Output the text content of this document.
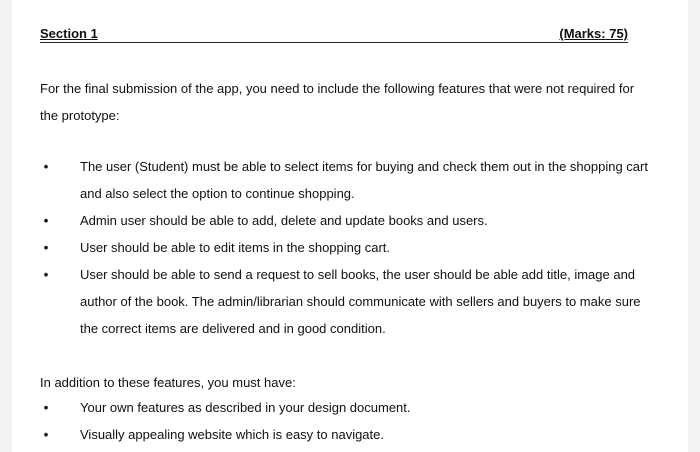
Section 1	(Marks: 75)
For the final submission of the app, you need to include the following features that were not required for the prototype:
• The user (Student) must be able to select items for buying and check them out in the shopping cart and also select the option to continue shopping.
• Admin user should be able to add, delete and update books and users.
• User should be able to edit items in the shopping cart.
• User should be able to send a request to sell books, the user should be able add title, image and author of the book. The admin/librarian should communicate with sellers and buyers to make sure the correct items are delivered and in good condition.
In addition to these features, you must have:
• Your own features as described in your design document.
• Visually appealing website which is easy to navigate.
